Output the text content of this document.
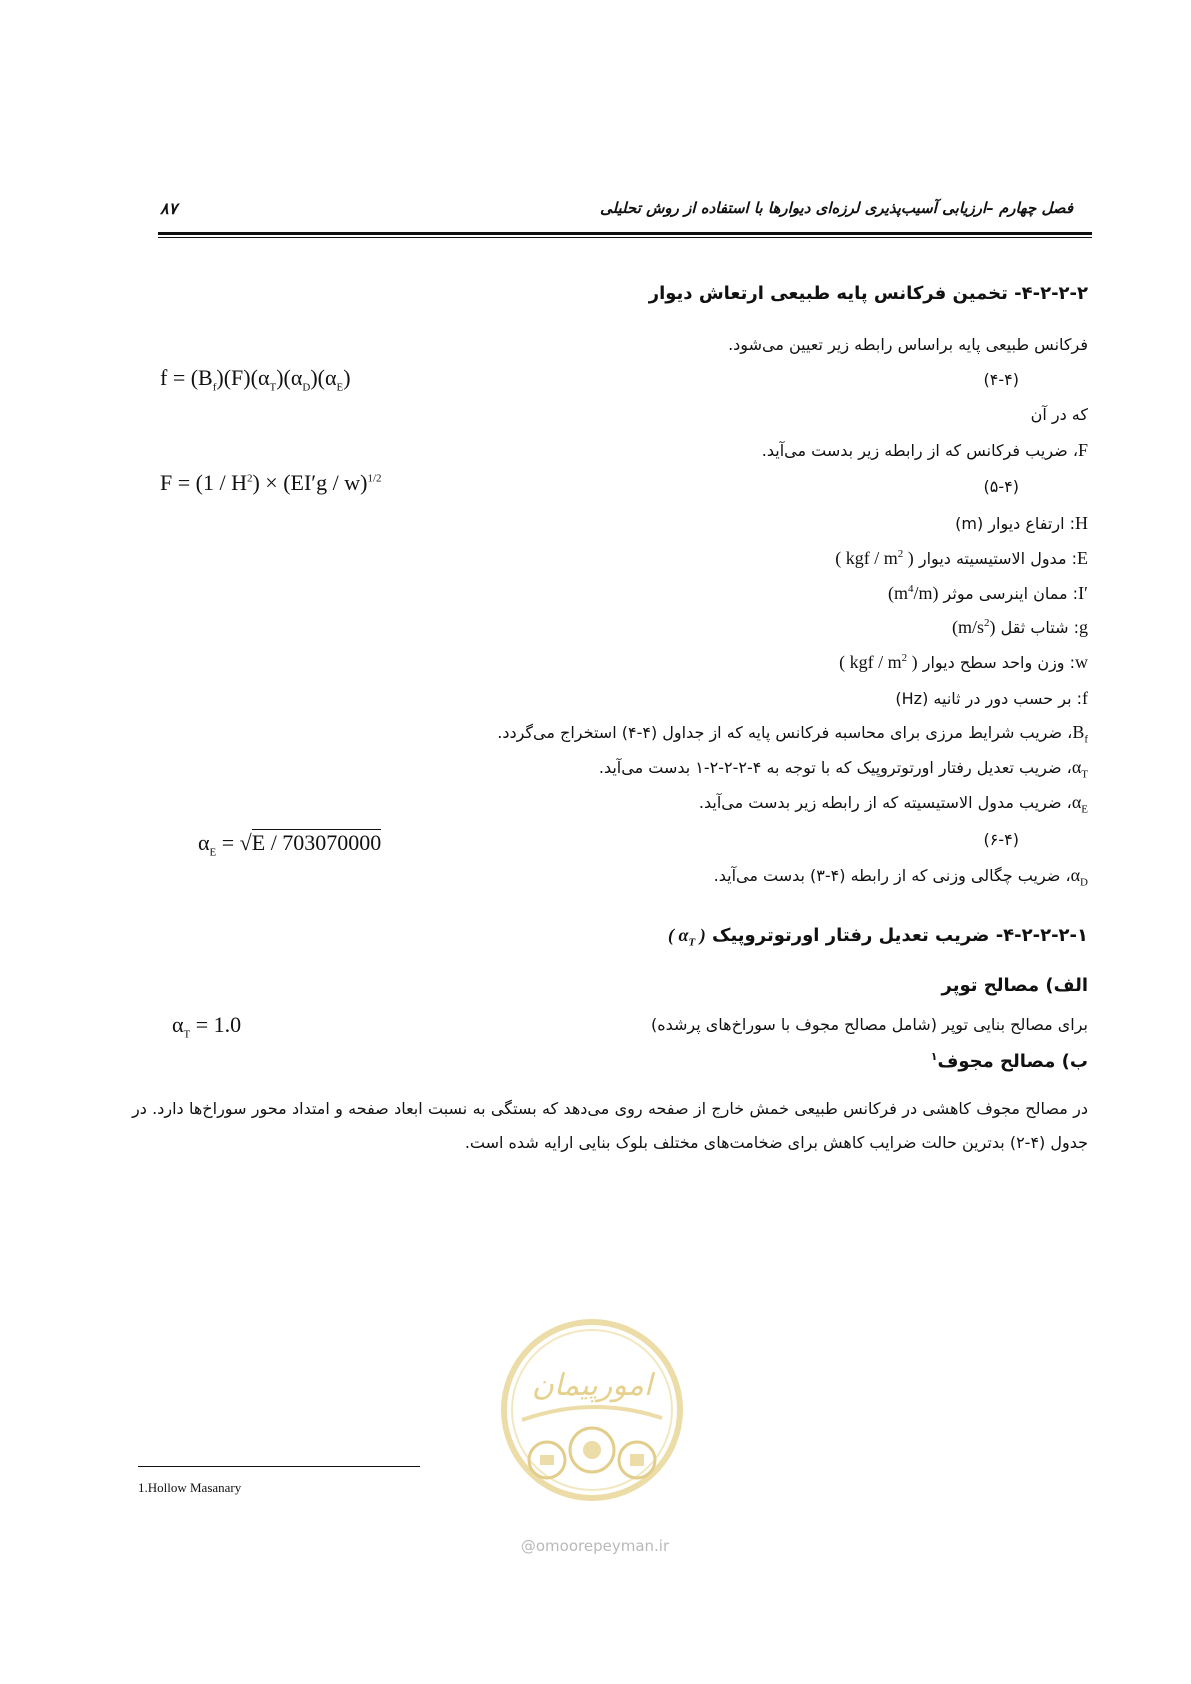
فصل چهارم –ارزیابی آسیب‌پذیری لرزه‌ای دیوارها با استفاده از روش تحلیلی
۸۷
۴-۲-۲-۲- تخمین فرکانس پایه طبیعی ارتعاش دیوار
فرکانس طبیعی پایه براساس رابطه زیر تعیین می‌شود.
$f = (B_f)(F)(\alpha_T)(\alpha_D)(\alpha_E)$	(۴-۴)
که در آن
F، ضریب فرکانس که از رابطه زیر بدست می‌آید.
$F = (1 / H^2) \times (EI'g / w)^{1/2}$	(۵-۴)
H: ارتفاع دیوار (m)
E: مدول الاستیسیته دیوار ( kgf / $m^2$ )
I′: ممان اینرسی موثر $(m^4/m)$
g: شتاب ثقل $(m/s^2)$
w: وزن واحد سطح دیوار ( kgf / $m^2$ )
f: بر حسب دور در ثانیه (Hz)
$B_f،$ ضریب شرایط مرزی برای محاسبه فرکانس پایه که از جداول (۴-۴) استخراج می‌گردد.
$\alpha_T،$ ضریب تعدیل رفتار اورتوتروپیک که با توجه به ۴-۲-۲-۲-۱ بدست می‌آید.
$\alpha_E،$ ضریب مدول الاستیسیته که از رابطه زیر بدست می‌آید.
$\alpha_E = √E / 703070000$	(۶-۴)
$\alpha_D،$ ضریب چگالی وزنی که از رابطه (۴-۳) بدست می‌آید.
۴-۲-۲-۲-۱- ضریب تعدیل رفتار اورتوتروپیک ( $\alpha_T$ )
الف) مصالح توپر
برای مصالح بنایی توپر (شامل مصالح مجوف با سوراخ‌های پرشده)
$\alpha_T = 1.0$
ب) مصالح مجوف$^۱$
در مصالح مجوف کاهشی در فرکانس طبیعی خمش خارج از صفحه روی می‌دهد که بستگی به نسبت ابعاد صفحه و امتداد محور سوراخ‌ها دارد. در جدول (۴-۲) بدترین حالت ضرایب کاهش برای ضخامت‌های مختلف بلوک بنایی ارایه شده است.
امورپیمان
@omoorepeyman.ir
1.Hollow Masanary
